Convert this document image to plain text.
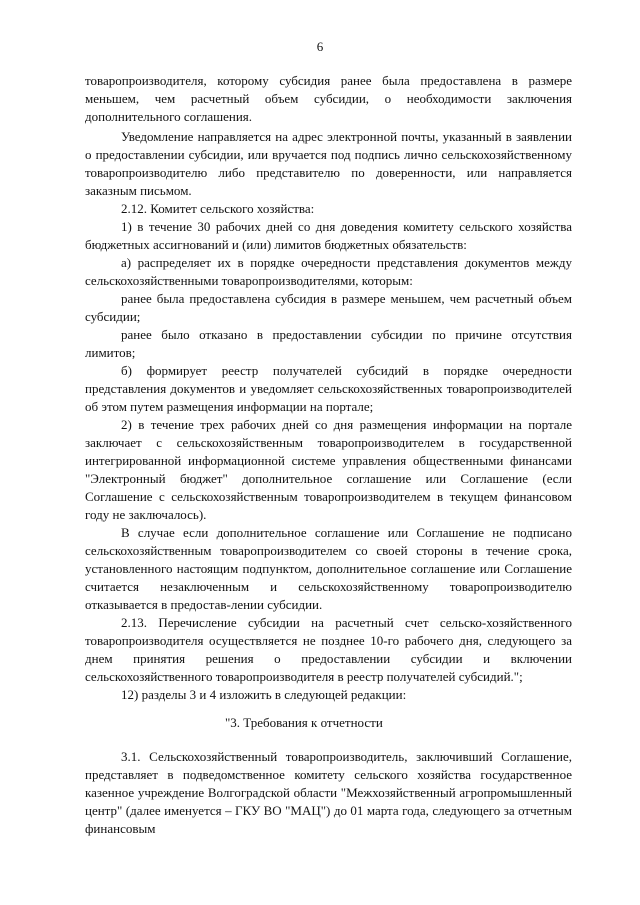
6

товаропроизводителя, которому субсидия ранее была предоставлена в размере меньшем, чем расчетный объем субсидии, о необходимости заключения дополнительного соглашения.

Уведомление направляется на адрес электронной почты, указанный в заявлении о предоставлении субсидии, или вручается под подпись лично сельскохозяйственному товаропроизводителю либо представителю по доверенности, или направляется заказным письмом.

2.12. Комитет сельского хозяйства:

1) в течение 30 рабочих дней со дня доведения комитету сельского хозяйства бюджетных ассигнований и (или) лимитов бюджетных обязательств:

а) распределяет их в порядке очередности представления документов между сельскохозяйственными товаропроизводителями, которым:

ранее была предоставлена субсидия в размере меньшем, чем расчетный объем субсидии;

ранее было отказано в предоставлении субсидии по причине отсутствия лимитов;

б) формирует реестр получателей субсидий в порядке очередности представления документов и уведомляет сельскохозяйственных товаропроизводителей об этом путем размещения информации на портале;

2) в течение трех рабочих дней со дня размещения информации на портале заключает с сельскохозяйственным товаропроизводителем в государственной интегрированной информационной системе управления общественными финансами "Электронный бюджет" дополнительное соглашение или Соглашение (если Соглашение с сельскохозяйственным товаропроизводителем в текущем финансовом году не заключалось).

В случае если дополнительное соглашение или Соглашение не подписано сельскохозяйственным товаропроизводителем со своей стороны в течение срока, установленного настоящим подпунктом, дополнительное соглашение или Соглашение считается незаключенным и сельскохозяйственному товаропроизводителю отказывается в предостав-лении субсидии.

2.13. Перечисление субсидии на расчетный счет сельско-хозяйственного товаропроизводителя осуществляется не позднее 10-го рабочего дня, следующего за днем принятия решения о предоставлении субсидии и включении сельскохозяйственного товаропроизводителя в реестр получателей субсидий.";

12) разделы 3 и 4 изложить в следующей редакции:

"3. Требования к отчетности

3.1. Сельскохозяйственный товаропроизводитель, заключивший Соглашение, представляет в подведомственное комитету сельского хозяйства государственное казенное учреждение Волгоградской области "Межхозяйственный агропромышленный центр" (далее именуется – ГКУ ВО "МАЦ") до 01 марта года, следующего за отчетным финансовым
